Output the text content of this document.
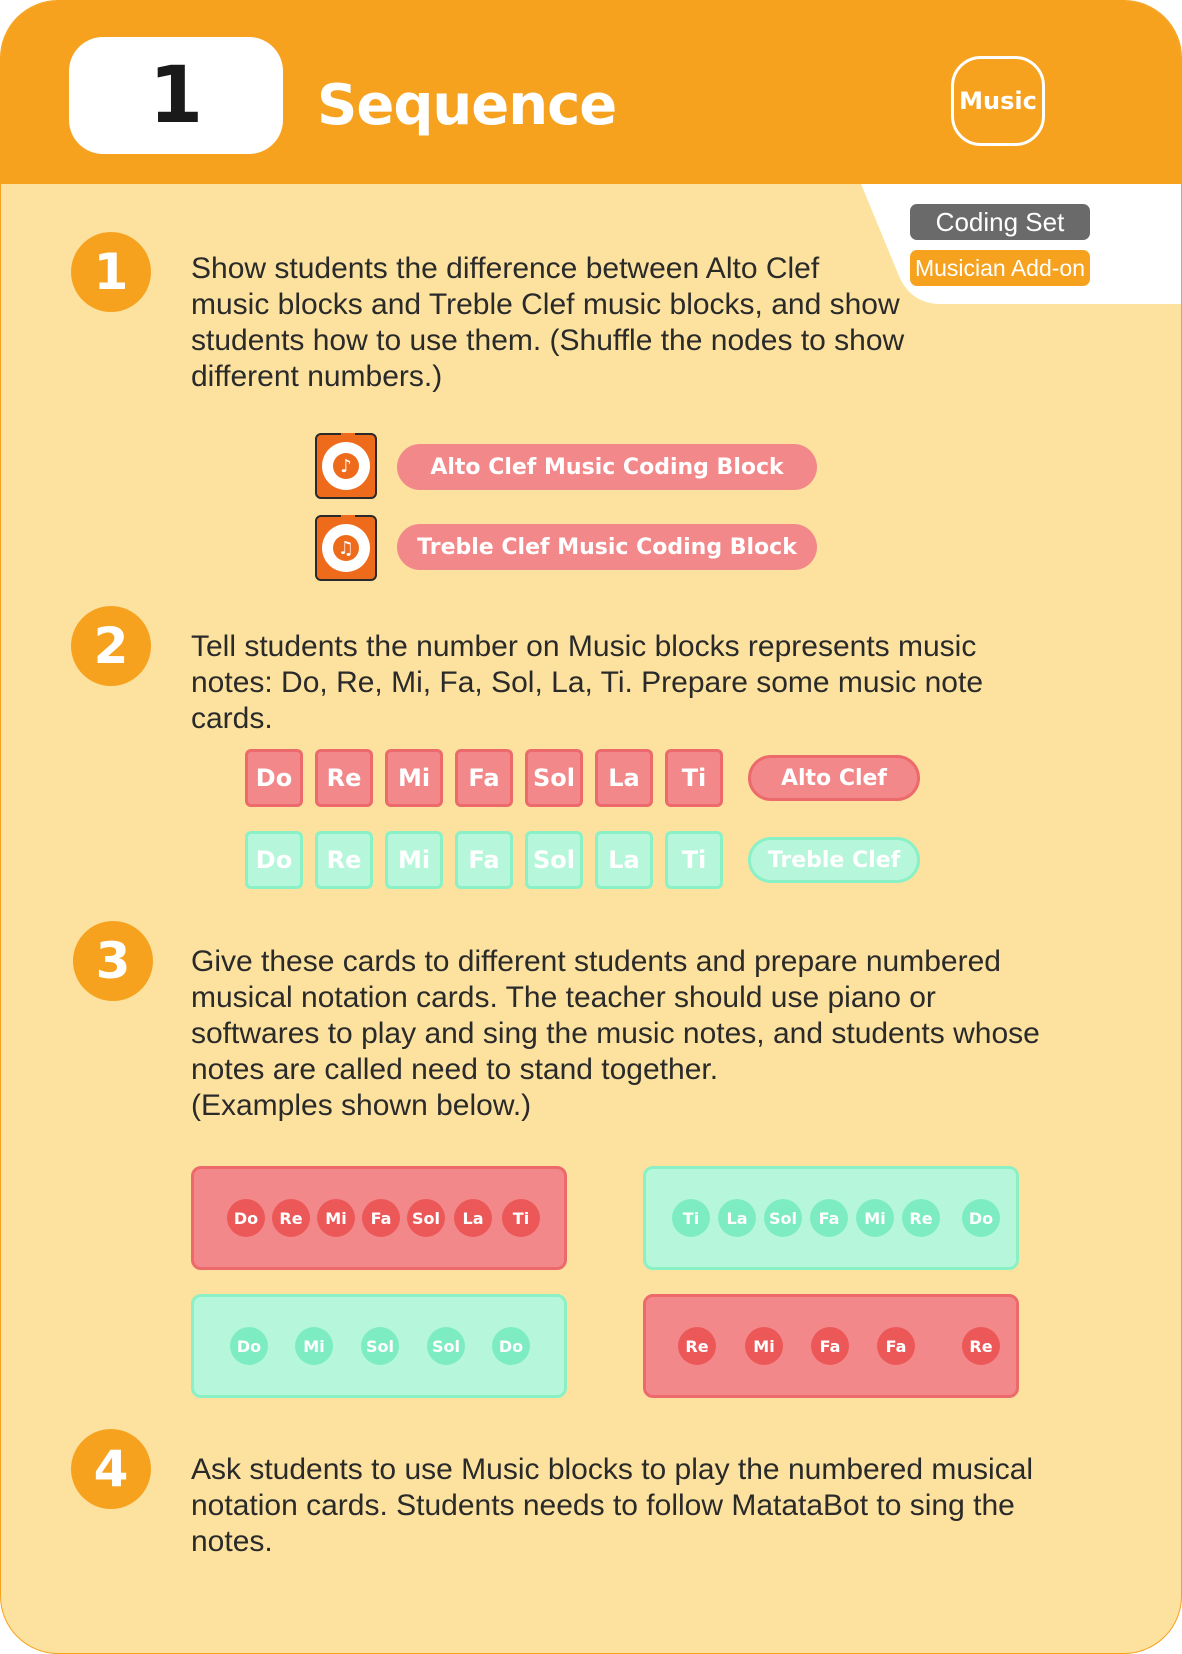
1	Sequence	Music
Coding Set
Musician Add-on
1	Show students the difference between Alto Clef
music blocks and Treble Clef music blocks, and show
students how to use them. (Shuffle the nodes to show
different numbers.)
♪	Alto Clef Music Coding Block
♫	Treble Clef Music Coding Block
2	Tell students the number on Music blocks represents music
notes: Do, Re, Mi, Fa, Sol, La, Ti. Prepare some music note cards.
Do	Re	Mi	Fa	Sol	La	Ti	Alto Clef
Do	Re	Mi	Fa	Sol	La	Ti	Treble Clef
3	Give these cards to different students and prepare numbered
musical notation cards. The teacher should use piano or
softwares to play and sing the music notes, and students whose
notes are called need to stand together.
(Examples shown below.)
Do	Re	Mi	Fa	Sol	La	Ti	Ti	La	Sol	Fa	Mi	Re	Do
Do	Mi	Sol	Sol	Do	Re	Mi	Fa	Fa	Re
4	Ask students to use Music blocks to play the numbered musical
notation cards. Students needs to follow MatataBot to sing the
notes.
